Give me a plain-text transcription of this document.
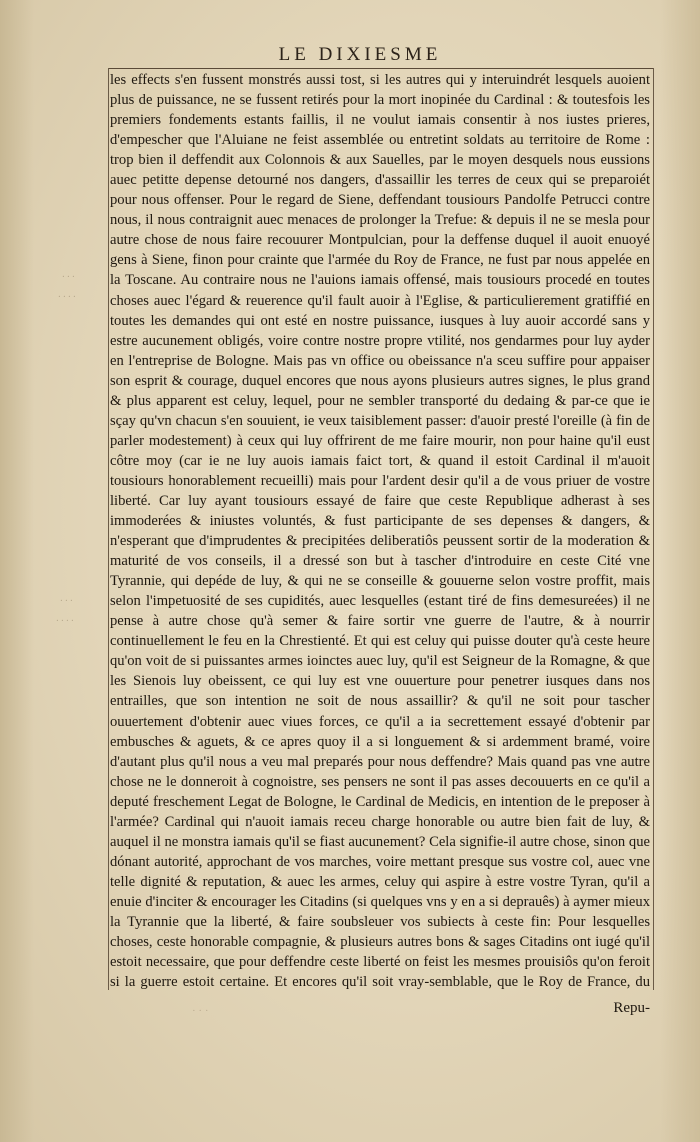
· · ·
· · · ·
· · ·
· · · ·
LE DIXIESME

les effects s'en fussent monstrés aussi tost, si les autres qui y interuindrét lesquels auoient plus de puissance, ne se fussent retirés pour la mort inopinée du Cardinal : & toutesfois les premiers fondements estants faillis, il ne voulut iamais consentir à nos iustes prieres, d'empescher que l'Aluiane ne feist assemblée ou entretint soldats au territoire de Rome : trop bien il deffendit aux Colonnois & aux Sauelles, par le moyen desquels nous eussions auec petitte depense detourné nos dangers, d'assaillir les terres de ceux qui se preparoiét pour nous offenser. Pour le regard de Siene, deffendant tousiours Pandolfe Petrucci contre nous, il nous contraignit auec menaces de prolonger la Trefue: & depuis il ne se mesla pour autre chose de nous faire recouurer Montpulcian, pour la deffense duquel il auoit enuoyé gens à Siene, finon pour crainte que l'armée du Roy de France, ne fust par nous appelée en la Toscane. Au contraire nous ne l'auions iamais offensé, mais tousiours procedé en toutes choses auec l'égard & reuerence qu'il fault auoir à l'Eglise, & particulierement gratiffié en toutes les demandes qui ont esté en nostre puissance, iusques à luy auoir accordé sans y estre aucunement obligés, voire contre nostre propre vtilité, nos gendarmes pour luy ayder en l'entreprise de Bologne. Mais pas vn office ou obeissance n'a sceu suffire pour appaiser son esprit & courage, duquel encores que nous ayons plusieurs autres signes, le plus grand & plus apparent est celuy, lequel, pour ne sembler transporté du dedaing & par-ce que ie sçay qu'vn chacun s'en souuient, ie veux taisiblement passer: d'auoir presté l'oreille (à fin de parler modestement) à ceux qui luy offrirent de me faire mourir, non pour haine qu'il eust côtre moy (car ie ne luy auois iamais faict tort, & quand il estoit Cardinal il m'auoit tousiours honorablement recueilli) mais pour l'ardent desir qu'il a de vous priuer de vostre liberté. Car luy ayant tousiours essayé de faire que ceste Republique adherast à ses immoderées & iniustes voluntés, & fust participante de ses depenses & dangers, & n'esperant que d'imprudentes & precipitées deliberatiôs peussent sortir de la moderation & maturité de vos conseils, il a dressé son but à tascher d'introduire en ceste Cité vne Tyrannie, qui depéde de luy, & qui ne se conseille & gouuerne selon vostre proffit, mais selon l'impetuosité de ses cupidités, auec lesquelles (estant tiré de fins demesureées) il ne pense à autre chose qu'à semer & faire sortir vne guerre de l'autre, & à nourrir continuellement le feu en la Chrestienté. Et qui est celuy qui puisse douter qu'à ceste heure qu'on voit de si puissantes armes ioinctes auec luy, qu'il est Seigneur de la Romagne, & que les Sienois luy obeissent, ce qui luy est vne ouuerture pour penetrer iusques dans nos entrailles, que son intention ne soit de nous assaillir? & qu'il ne soit pour tascher ouuertement d'obtenir auec viues forces, ce qu'il a ia secrettement essayé d'obtenir par embusches & aguets, & ce apres quoy il a si longuement & si ardemment bramé, voire d'autant plus qu'il nous a veu mal preparés pour nous deffendre? Mais quand pas vne autre chose ne le donneroit à cognoistre, ses pensers ne sont il pas asses decouuerts en ce qu'il a deputé freschement Legat de Bologne, le Cardinal de Medicis, en intention de le preposer à l'armée? Cardinal qui n'auoit iamais receu charge honorable ou autre bien fait de luy, & auquel il ne monstra iamais qu'il se fiast aucunement? Cela signifie-il autre chose, sinon que dónant autorité, approchant de vos marches, voire mettant presque sus vostre col, auec vne telle dignité & reputation, & auec les armes, celuy qui aspire à estre vostre Tyran, qu'il a enuie d'inciter & encourager les Citadins (si quelques vns y en a si deprauês) à aymer mieux la Tyrannie que la liberté, & faire soubsleuer vos subiects à ceste fin: Pour lesquelles choses, ceste honorable compagnie, & plusieurs autres bons & sages Citadins ont iugé qu'il estoit necessaire, que pour deffendre ceste liberté on feist les mesmes prouisiôs qu'on feroit si la guerre estoit certaine. Et encores qu'il soit vray-semblable, que le Roy de France, du

· · ·	Repu-
